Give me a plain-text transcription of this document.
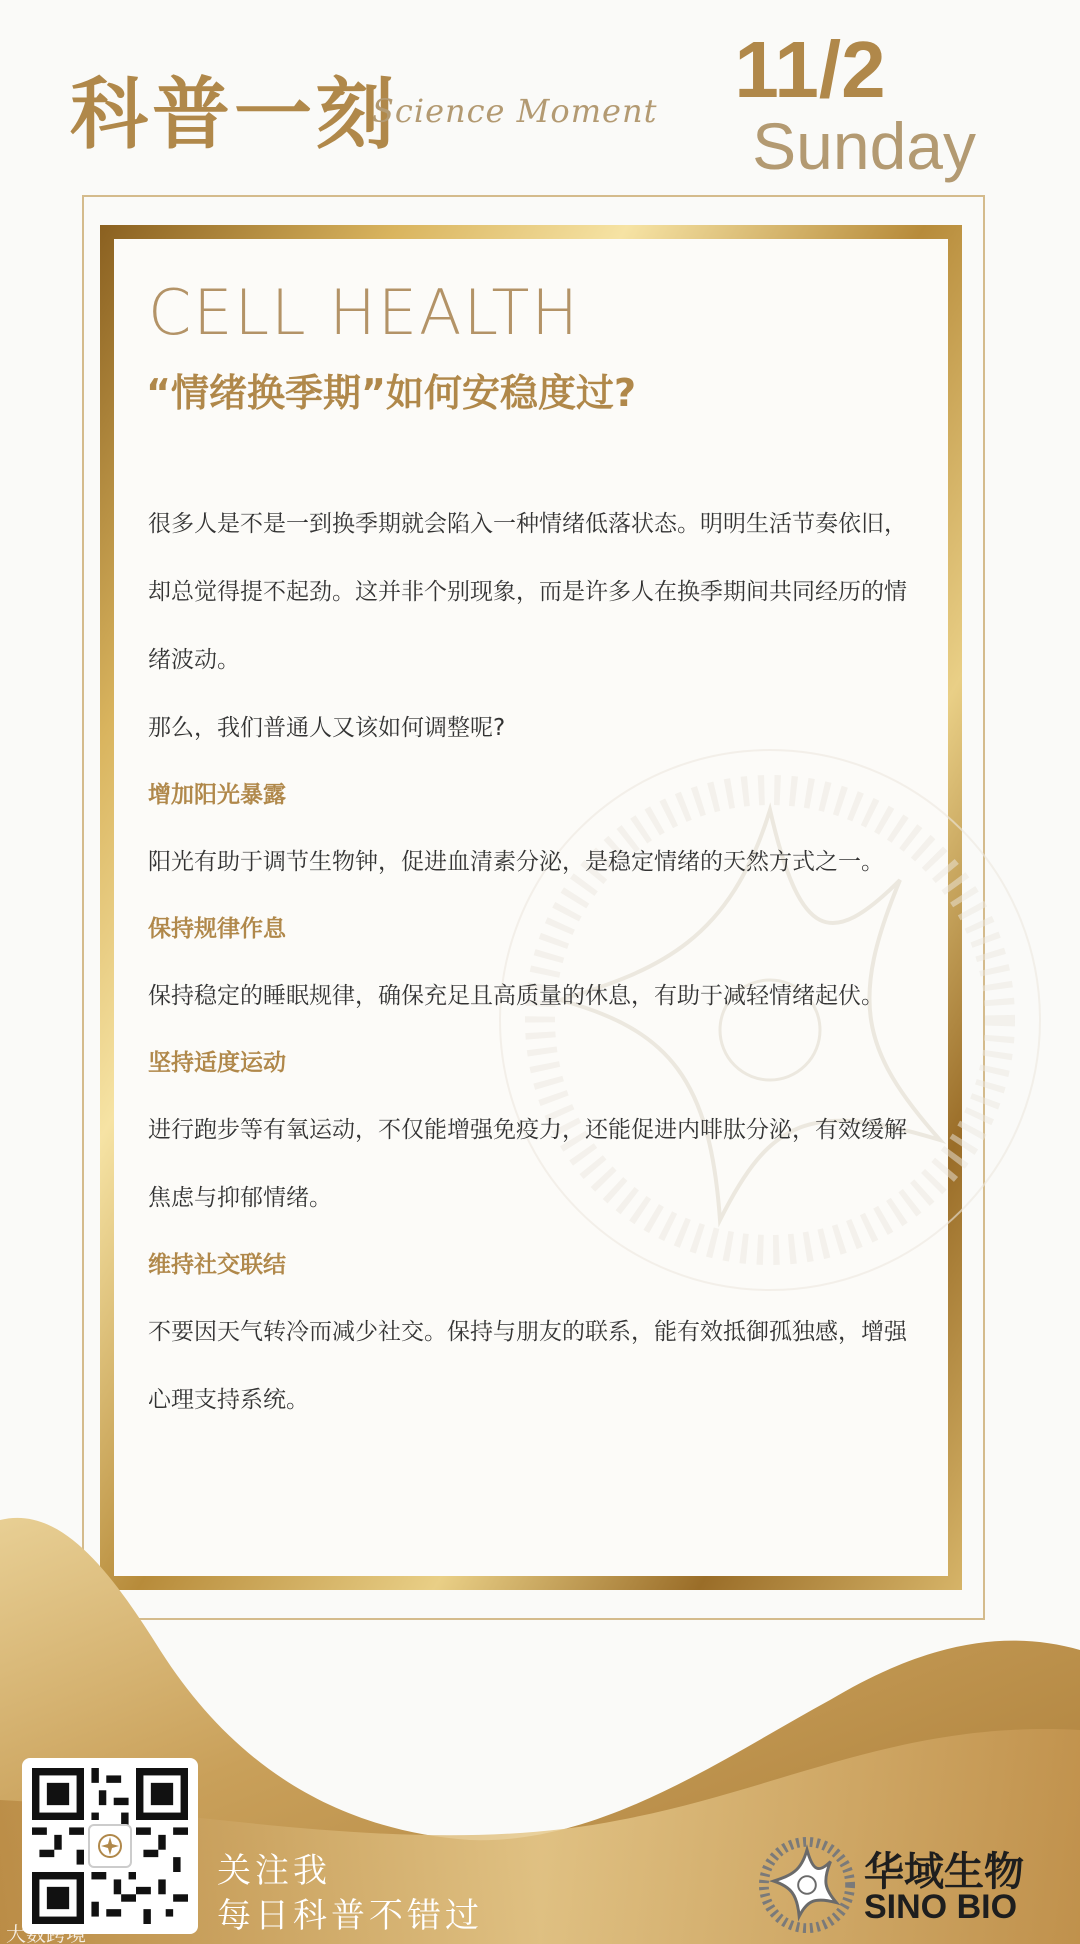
科普一刻
Science Moment 11/2
Sunday
CELL HEALTH
“情绪换季期”如何安稳度过?

很多人是不是一到换季期就会陷入一种情绪低落状态。明明生活节奏依旧，却总觉得提不起劲。这并非个别现象，而是许多人在换季期间共同经历的情绪波动。

那么，我们普通人又该如何调整呢?

增加阳光暴露

阳光有助于调节生物钟，促进血清素分泌，是稳定情绪的天然方式之一。

保持规律作息

保持稳定的睡眠规律，确保充足且高质量的休息，有助于减轻情绪起伏。

坚持适度运动

进行跑步等有氧运动，不仅能增强免疫力，还能促进内啡肽分泌，有效缓解焦虑与抑郁情绪。

维持社交联结

不要因天气转冷而减少社交。保持与朋友的联系，能有效抵御孤独感，增强心理支持系统。

关注我
每日科普不错过
华域生物
SINO BIO
大数跨境
